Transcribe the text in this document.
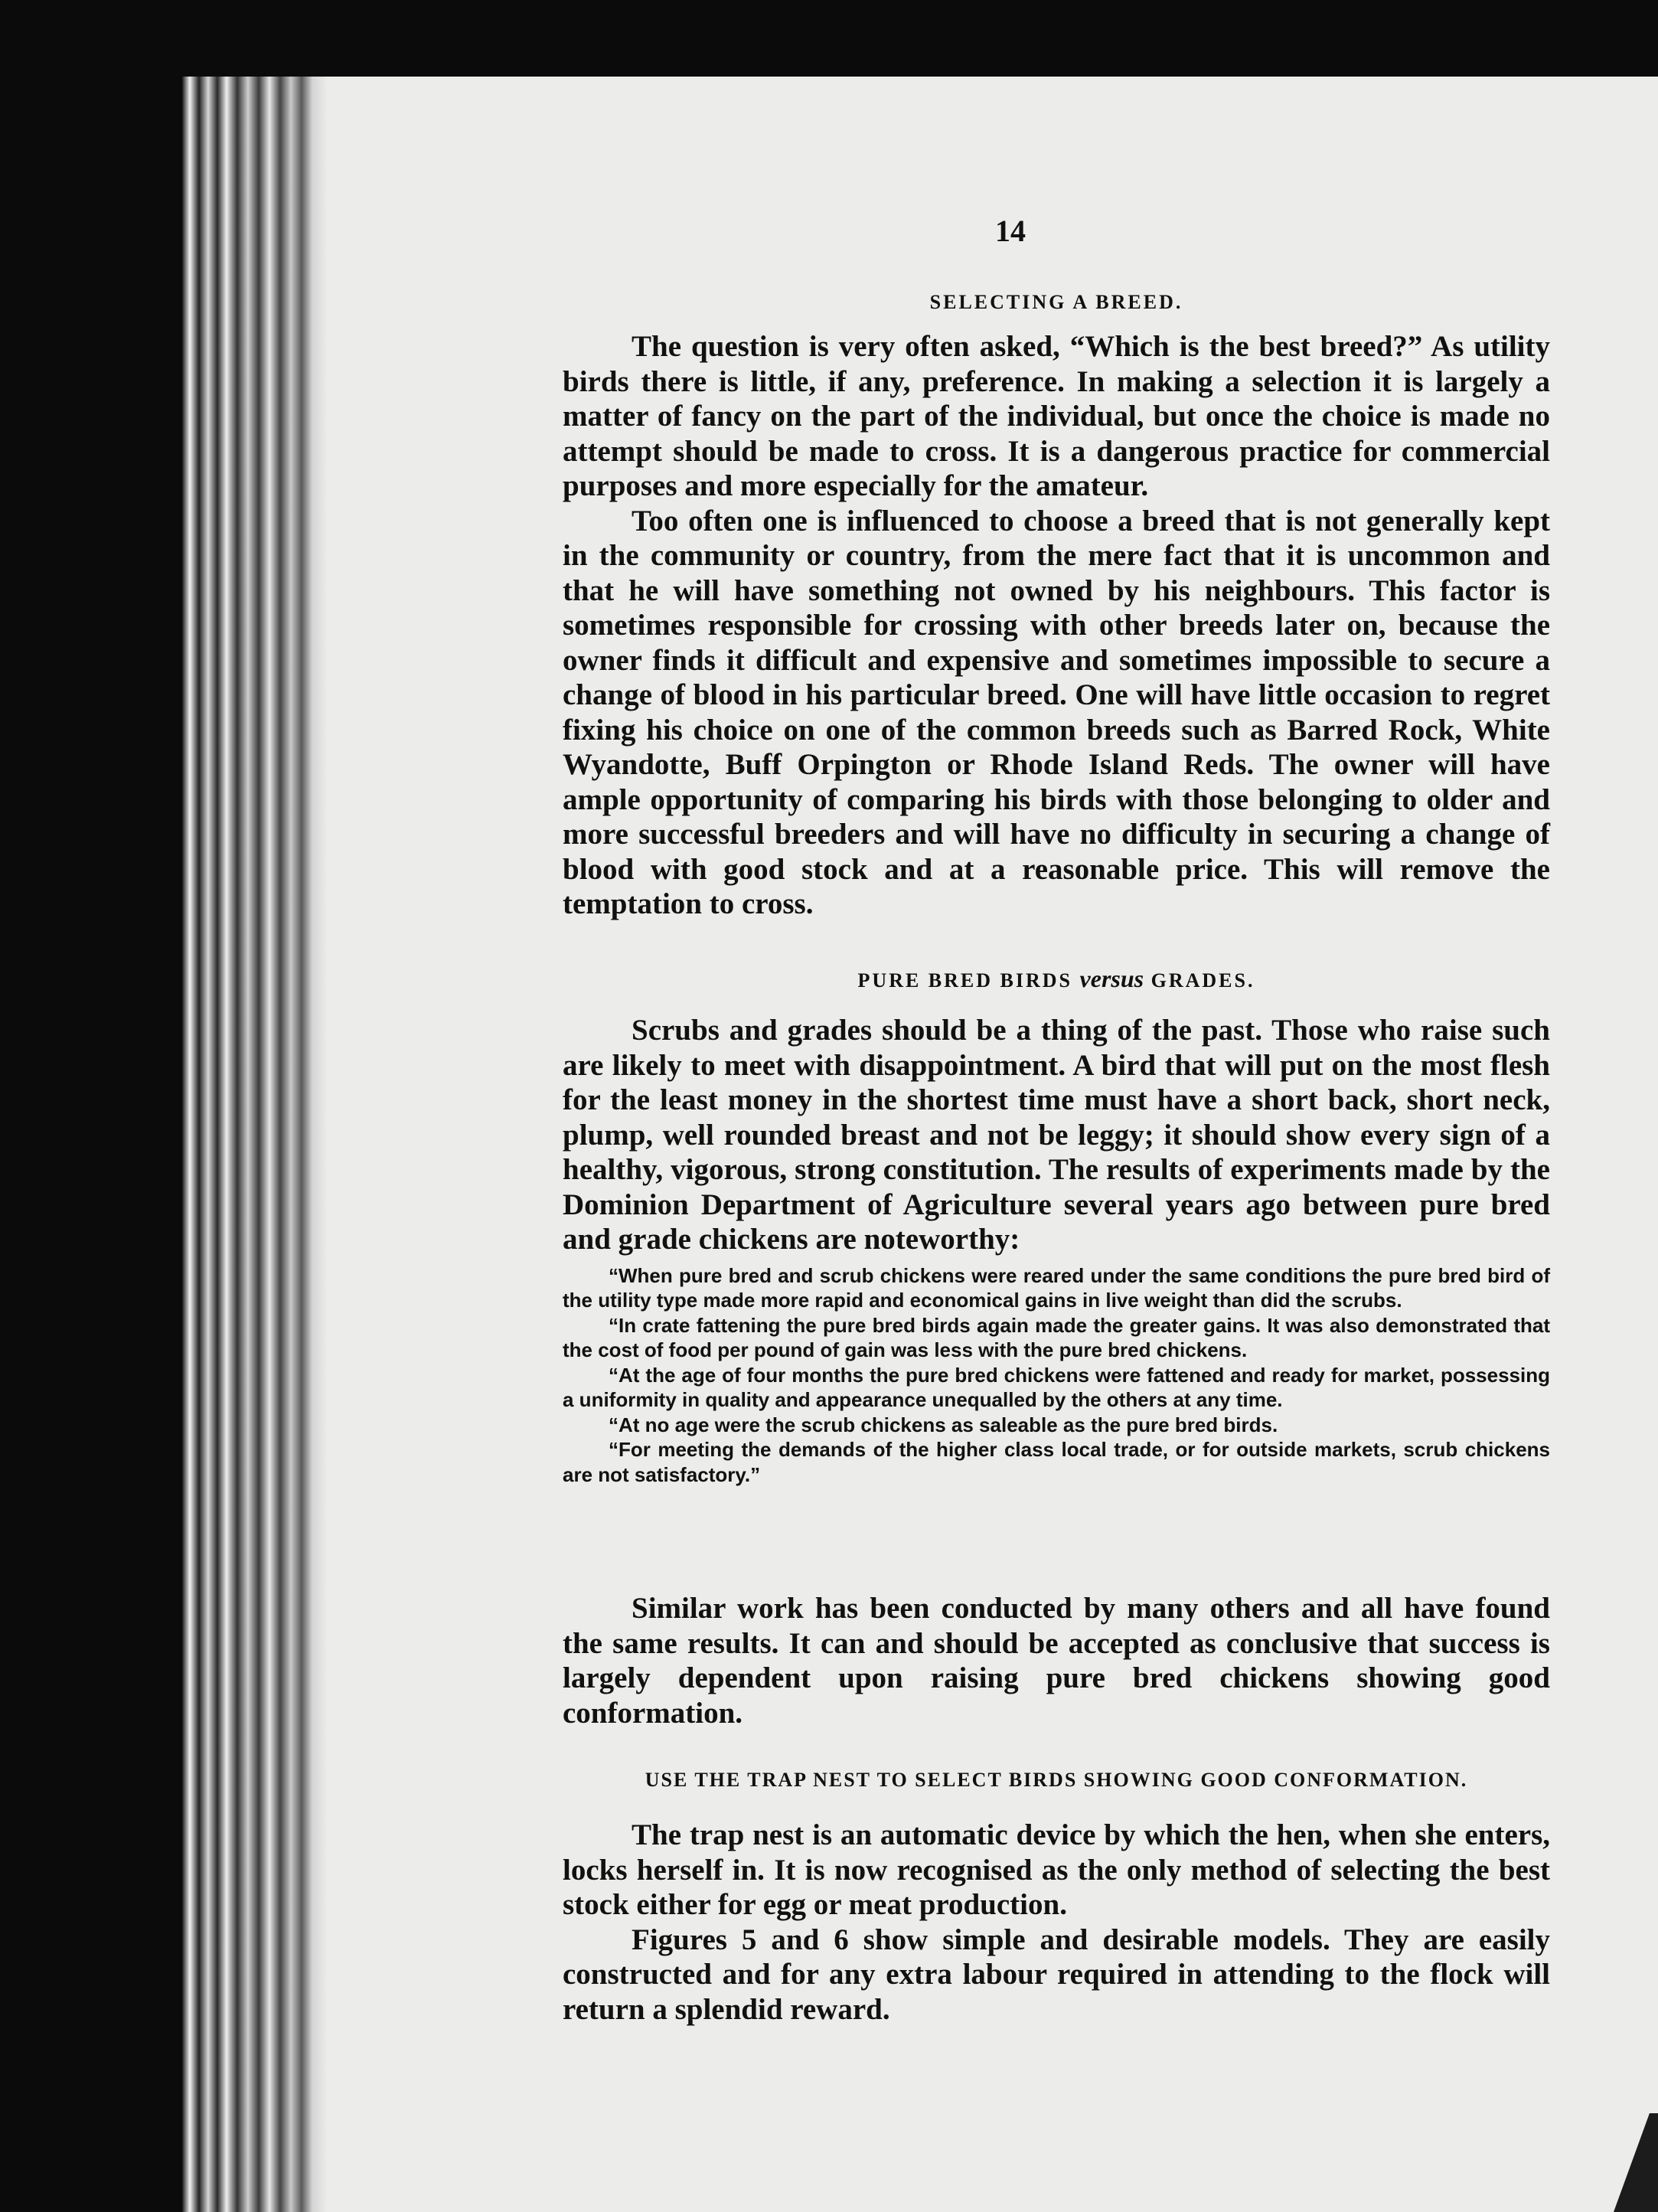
14

SELECTING A BREED.

The question is very often asked, “Which is the best breed?” As utility birds there is little, if any, preference. In making a selection it is largely a matter of fancy on the part of the individual, but once the choice is made no attempt should be made to cross. It is a dangerous practice for commercial purposes and more especially for the amateur.

Too often one is influenced to choose a breed that is not generally kept in the community or country, from the mere fact that it is uncommon and that he will have something not owned by his neighbours. This factor is sometimes responsible for crossing with other breeds later on, because the owner finds it difficult and expensive and sometimes impossible to secure a change of blood in his particular breed. One will have little occasion to regret fixing his choice on one of the common breeds such as Barred Rock, White Wyandotte, Buff Orpington or Rhode Island Reds. The owner will have ample opportunity of comparing his birds with those belonging to older and more successful breeders and will have no difficulty in securing a change of blood with good stock and at a reasonable price. This will remove the temptation to cross.

PURE BRED BIRDS versus GRADES.

Scrubs and grades should be a thing of the past. Those who raise such are likely to meet with disappointment. A bird that will put on the most flesh for the least money in the shortest time must have a short back, short neck, plump, well rounded breast and not be leggy; it should show every sign of a healthy, vigorous, strong constitution. The results of experiments made by the Dominion Department of Agriculture several years ago between pure bred and grade chickens are noteworthy:

“When pure bred and scrub chickens were reared under the same conditions the pure bred bird of the utility type made more rapid and economical gains in live weight than did the scrubs.

“In crate fattening the pure bred birds again made the greater gains. It was also demonstrated that the cost of food per pound of gain was less with the pure bred chickens.

“At the age of four months the pure bred chickens were fattened and ready for market, possessing a uniformity in quality and appearance unequalled by the others at any time.

“At no age were the scrub chickens as saleable as the pure bred birds.

“For meeting the demands of the higher class local trade, or for outside markets, scrub chickens are not satisfactory.”

Similar work has been conducted by many others and all have found the same results. It can and should be accepted as conclusive that success is largely dependent upon raising pure bred chickens showing good conformation.

USE THE TRAP NEST TO SELECT BIRDS SHOWING GOOD CONFORMATION.

The trap nest is an automatic device by which the hen, when she enters, locks herself in. It is now recognised as the only method of selecting the best stock either for egg or meat production.

Figures 5 and 6 show simple and desirable models. They are easily constructed and for any extra labour required in attending to the flock will return a splendid reward.
